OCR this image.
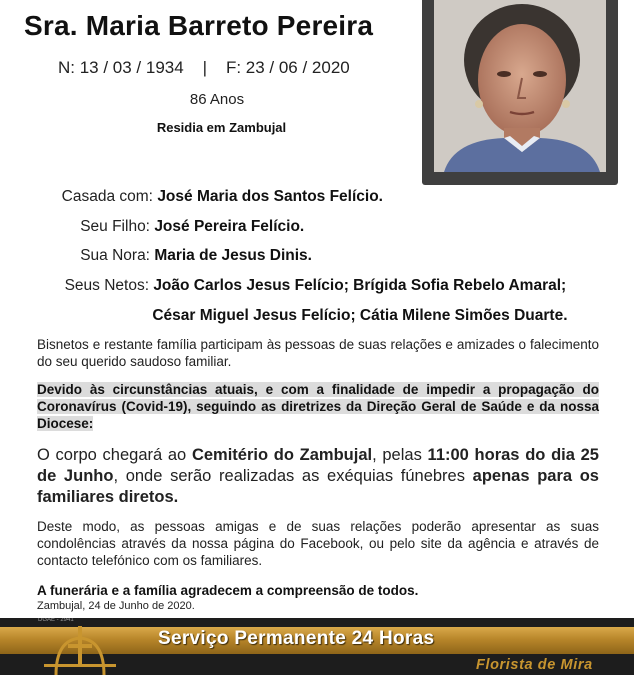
Sra. Maria Barreto Pereira
N: 13 / 03 / 1934 | F: 23 / 06 / 2020
86 Anos
Residia em Zambujal
Casada com: José Maria dos Santos Felício.
Seu Filho: José Pereira Felício.
Sua Nora: Maria de Jesus Dinis.
Seus Netos: João Carlos Jesus Felício; Brígida Sofia Rebelo Amaral;
César Miguel Jesus Felício; Cátia Milene Simões Duarte.
Bisnetos e restante família participam às pessoas de suas relações e amizades o falecimento do seu querido saudoso familiar.
Devido às circunstâncias atuais, e com a finalidade de impedir a propagação do Coronavírus (Covid-19), seguindo as diretrizes da Direção Geral de Saúde e da nossa Diocese:
O corpo chegará ao Cemitério do Zambujal, pelas 11:00 horas do dia 25 de Junho, onde serão realizadas as exéquias fúnebres apenas para os familiares diretos.
Deste modo, as pessoas amigas e de suas relações poderão apresentar as suas condolências através da nossa página do Facebook, ou pelo site da agência e através de contacto telefónico com os familiares.
A funerária e a família agradecem a compreensão de todos.
Zambujal, 24 de Junho de 2020.
DGAE - 2941
Serviço Permanente 24 Horas
Florista de Mira
